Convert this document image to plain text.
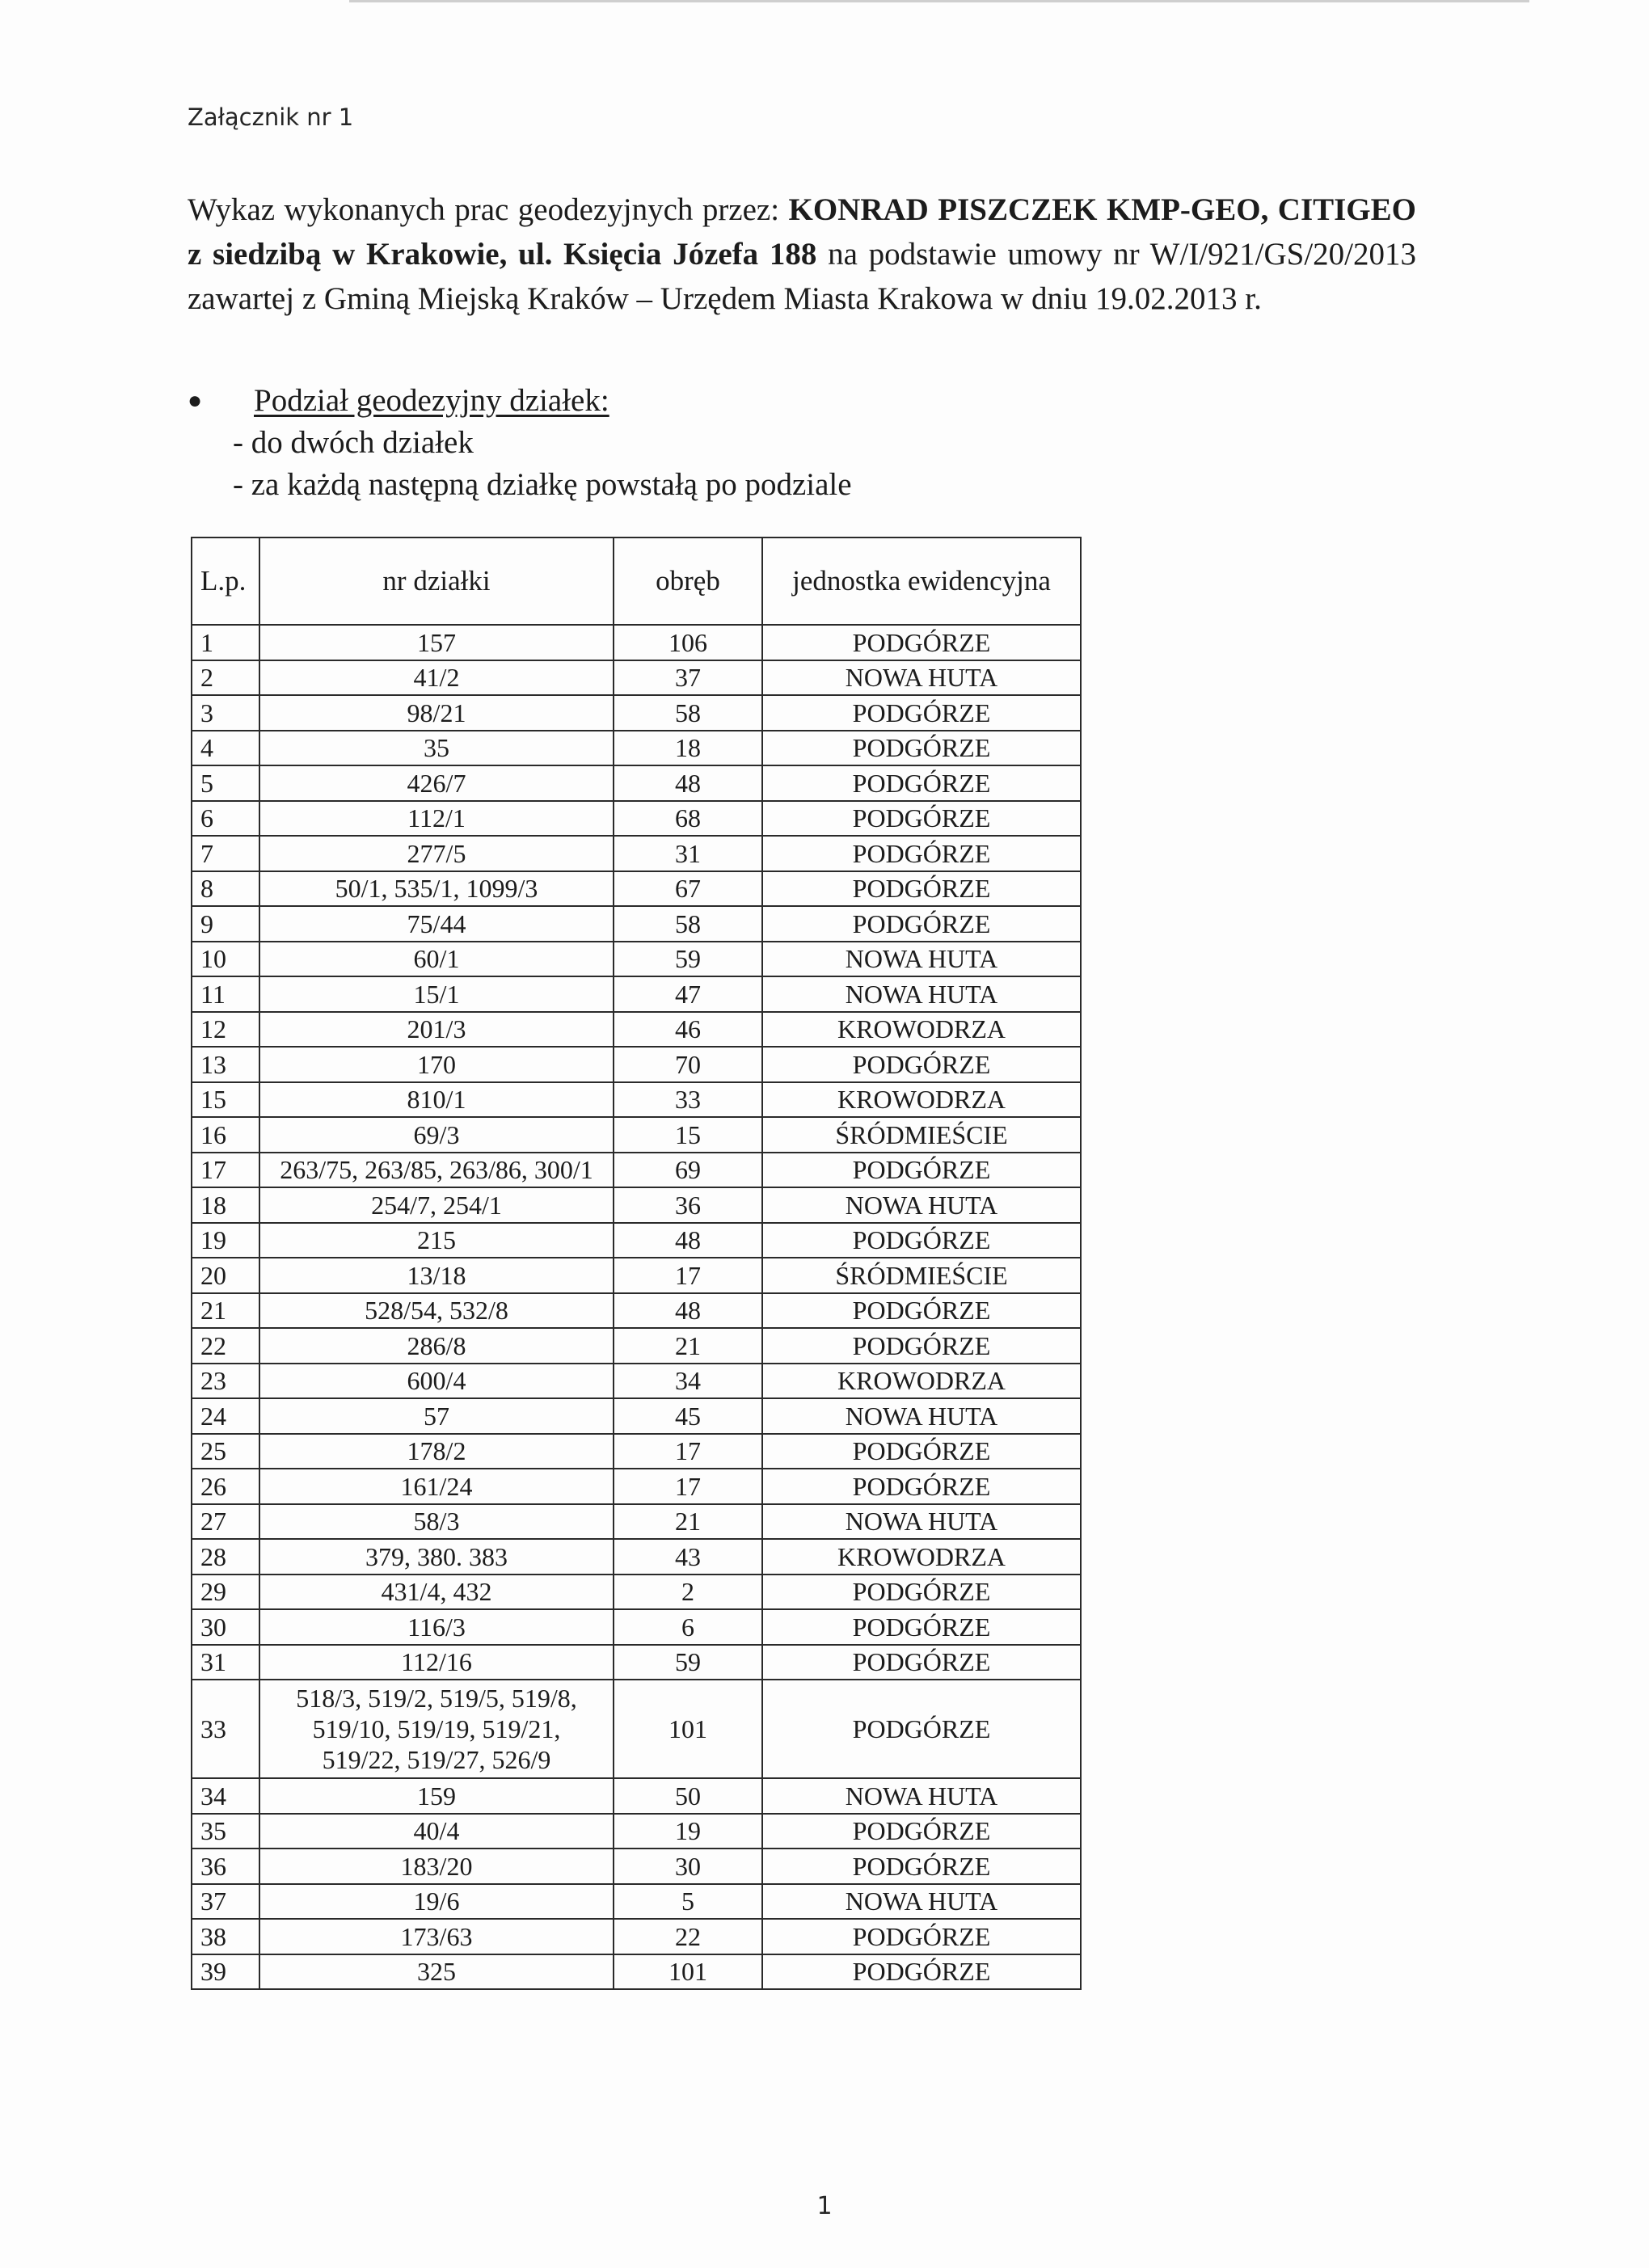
Załącznik nr 1
Wykaz wykonanych prac geodezyjnych przez: KONRAD PISZCZEK KMP-GEO, CITIGEO z siedzibą w Krakowie, ul. Księcia Józefa 188 na podstawie umowy nr W/I/921/GS/20/2013 zawartej z Gminą Miejską Kraków – Urzędem Miasta Krakowa w dniu 19.02.2013 r.
● Podział geodezyjny działek:
- do dwóch działek
- za każdą następną działkę powstałą po podziale
L.p.	nr działki	obręb	jednostka ewidencyjna
1	157	106	PODGÓRZE
2	41/2	37	NOWA HUTA
3	98/21	58	PODGÓRZE
4	35	18	PODGÓRZE
5	426/7	48	PODGÓRZE
6	112/1	68	PODGÓRZE
7	277/5	31	PODGÓRZE
8	50/1, 535/1, 1099/3	67	PODGÓRZE
9	75/44	58	PODGÓRZE
10	60/1	59	NOWA HUTA
11	15/1	47	NOWA HUTA
12	201/3	46	KROWODRZA
13	170	70	PODGÓRZE
15	810/1	33	KROWODRZA
16	69/3	15	ŚRÓDMIEŚCIE
17	263/75, 263/85, 263/86, 300/1	69	PODGÓRZE
18	254/7, 254/1	36	NOWA HUTA
19	215	48	PODGÓRZE
20	13/18	17	ŚRÓDMIEŚCIE
21	528/54, 532/8	48	PODGÓRZE
22	286/8	21	PODGÓRZE
23	600/4	34	KROWODRZA
24	57	45	NOWA HUTA
25	178/2	17	PODGÓRZE
26	161/24	17	PODGÓRZE
27	58/3	21	NOWA HUTA
28	379, 380. 383	43	KROWODRZA
29	431/4, 432	2	PODGÓRZE
30	116/3	6	PODGÓRZE
31	112/16	59	PODGÓRZE
33	518/3, 519/2, 519/5, 519/8,
519/10, 519/19, 519/21,
519/22, 519/27, 526/9	101	PODGÓRZE
34	159	50	NOWA HUTA
35	40/4	19	PODGÓRZE
36	183/20	30	PODGÓRZE
37	19/6	5	NOWA HUTA
38	173/63	22	PODGÓRZE
39	325	101	PODGÓRZE
1
